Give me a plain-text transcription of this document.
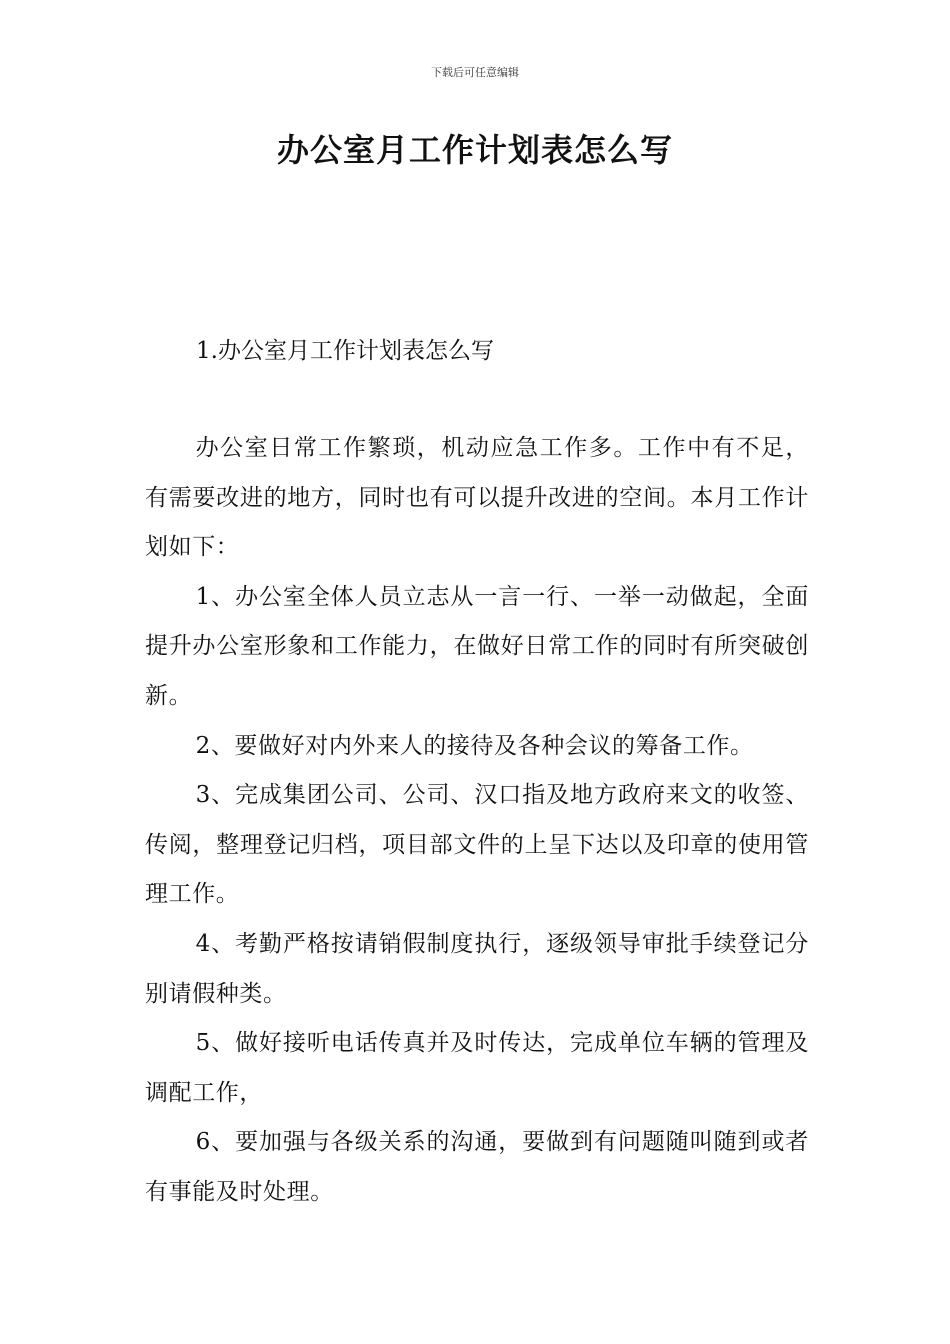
下载后可任意编辑
办公室月工作计划表怎么写
1.办公室月工作计划表怎么写

办公室日常工作繁琐，机动应急工作多。工作中有不足，有需要改进的地方，同时也有可以提升改进的空间。本月工作计划如下：

1、办公室全体人员立志从一言一行、一举一动做起，全面提升办公室形象和工作能力，在做好日常工作的同时有所突破创新。

2、要做好对内外来人的接待及各种会议的筹备工作。

3、完成集团公司、公司、汉口指及地方政府来文的收签、传阅，整理登记归档，项目部文件的上呈下达以及印章的使用管理工作。

4、考勤严格按请销假制度执行，逐级领导审批手续登记分别请假种类。

5、做好接听电话传真并及时传达，完成单位车辆的管理及调配工作，

6、要加强与各级关系的沟通，要做到有问题随叫随到或者有事能及时处理。
